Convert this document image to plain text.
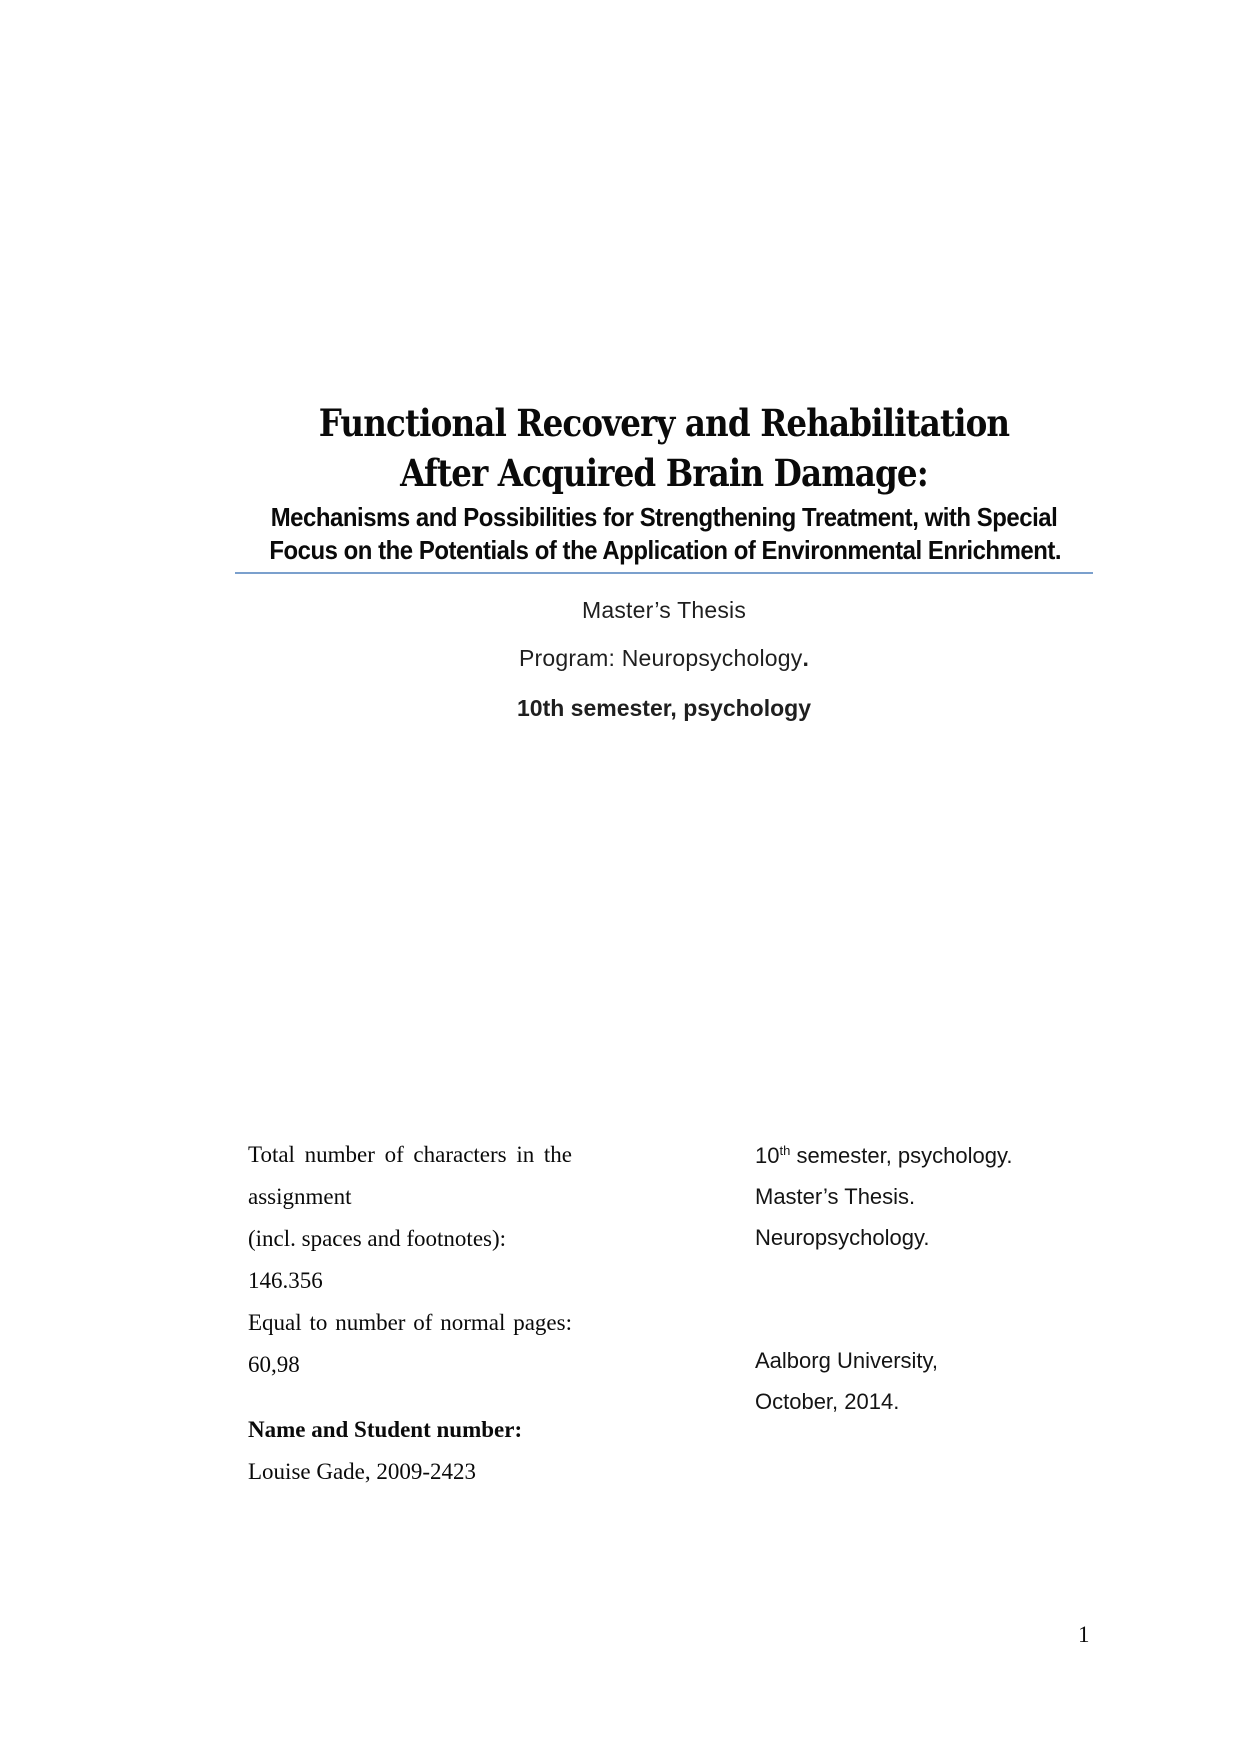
Functional Recovery and Rehabilitation
After Acquired Brain Damage:
Mechanisms and Possibilities for Strengthening Treatment, with Special
Focus on the Potentials of the Application of Environmental Enrichment.
Master’s Thesis
Program: Neuropsychology.
10th semester, psychology
Total number of characters in the
assignment
(incl. spaces and footnotes): 146.356
Equal to number of normal pages:
60,98
Name and Student number:
Louise Gade, 2009-2423
10th semester, psychology.
Master’s Thesis.
Neuropsychology.
Aalborg University,
October, 2014.
1
